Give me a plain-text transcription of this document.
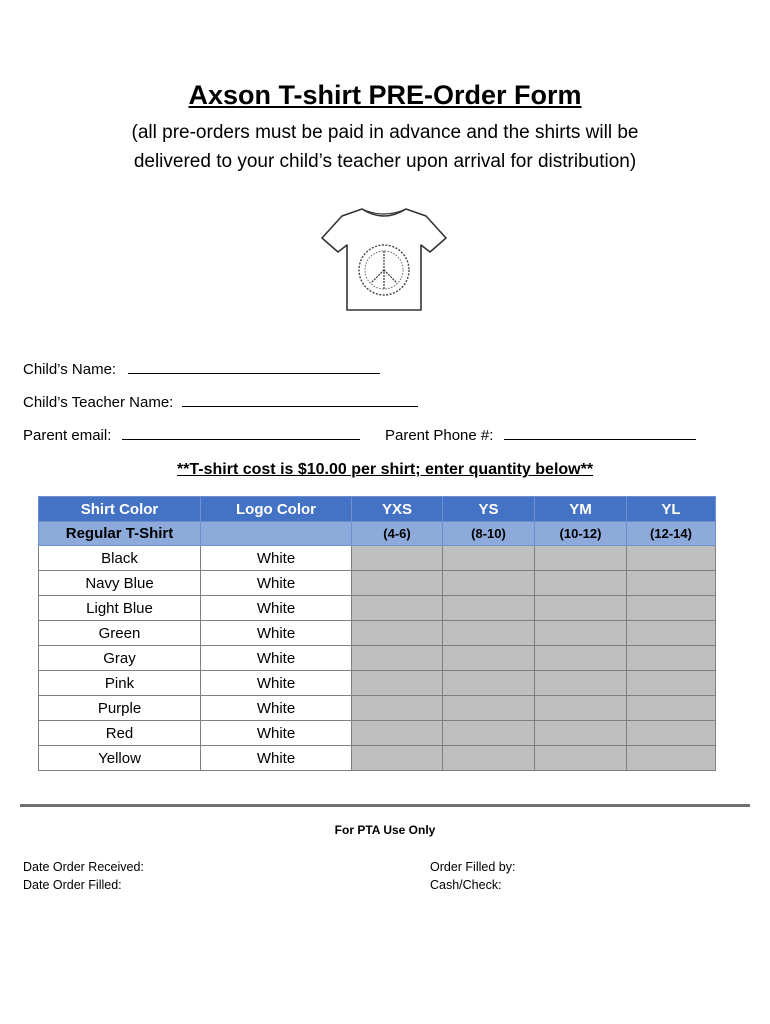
Axson T-shirt PRE-Order Form
(all pre-orders must be paid in advance and the shirts will be
delivered to your child’s teacher upon arrival for distribution)
Child’s Name:
Child’s Teacher Name:
Parent email:	Parent Phone #:
**T-shirt cost is $10.00 per shirt; enter quantity below**
Shirt Color	Logo Color	YXS	YS	YM	YL
Regular T-Shirt		(4-6)	(8-10)	(10-12)	(12-14)
Black	White				
Navy Blue	White				
Light Blue	White				
Green	White				
Gray	White				
Pink	White				
Purple	White				
Red	White				
Yellow	White				
For PTA Use Only
Date Order Received:
Date Order Filled:
Order Filled by:
Cash/Check:
